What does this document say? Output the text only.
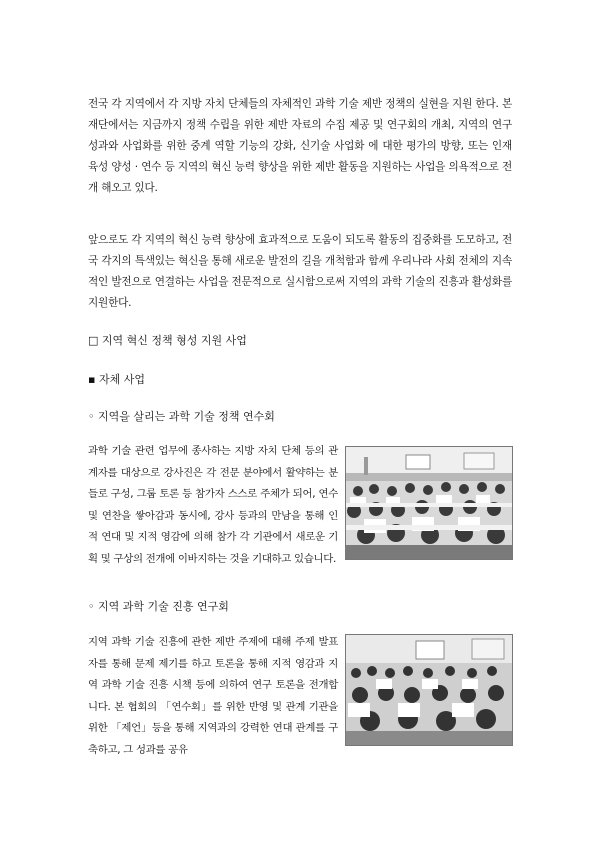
전국 각 지역에서 각 지방 자치 단체들의 자체적인 과학 기술 제반 정책의 실현을 지원 한다. 본 재단에서는 지금까지 정책 수립을 위한 제반 자료의 수집 제공 및 연구회의 개최, 지역의 연구 성과와 사업화를 위한 중계 역할 기능의 강화, 신기술 사업화 에 대한 평가의 방향, 또는 인재 육성 양성 · 연수 등 지역의 혁신 능력 향상을 위한 제반 활동을 지원하는 사업을 의욕적으로 전개 해오고 있다.

앞으로도 각 지역의 혁신 능력 향상에 효과적으로 도움이 되도록 활동의 집중화를 도모하고, 전국 각지의 특색있는 혁신을 통해 새로운 발전의 길을 개척함과 함께 우리나라 사회 전체의 지속적인 발전으로 연결하는 사업을 전문적으로 실시함으로써 지역의 과학 기술의 진흥과 활성화를 지원한다.

□ 지역 혁신 정책 형성 지원 사업

▪ 자체 사업

◦ 지역을 살리는 과학 기술 정책 연수회

과학 기술 관련 업무에 종사하는 지방 자치 단체 등의 관계자를 대상으로 강사진은 각 전문 분야에서 활약하는 분들로 구성, 그룹 토론 등 참가자 스스로 주체가 되어, 연수 및 연찬을 쌓아감과 동시에, 강사 등과의 만남을 통해 인적 연대 및 지적 영감에 의해 참가 각 기관에서 새로운 기획 및 구상의 전개에 이바지하는 것을 기대하고 있습니다.

◦ 지역 과학 기술 진흥 연구회

지역 과학 기술 진흥에 관한 제반 주제에 대해 주제 발표자를 통해 문제 제기를 하고 토론을 통해 지적 영감과 지역 과학 기술 진흥 시책 등에 의하여 연구 토론을 전개합니다. 본 협회의 「연수회」를 위한 반영 및 관계 기관을 위한 「제언」등을 통해 지역과의 강력한 연대 관계를 구축하고, 그 성과를 공유
